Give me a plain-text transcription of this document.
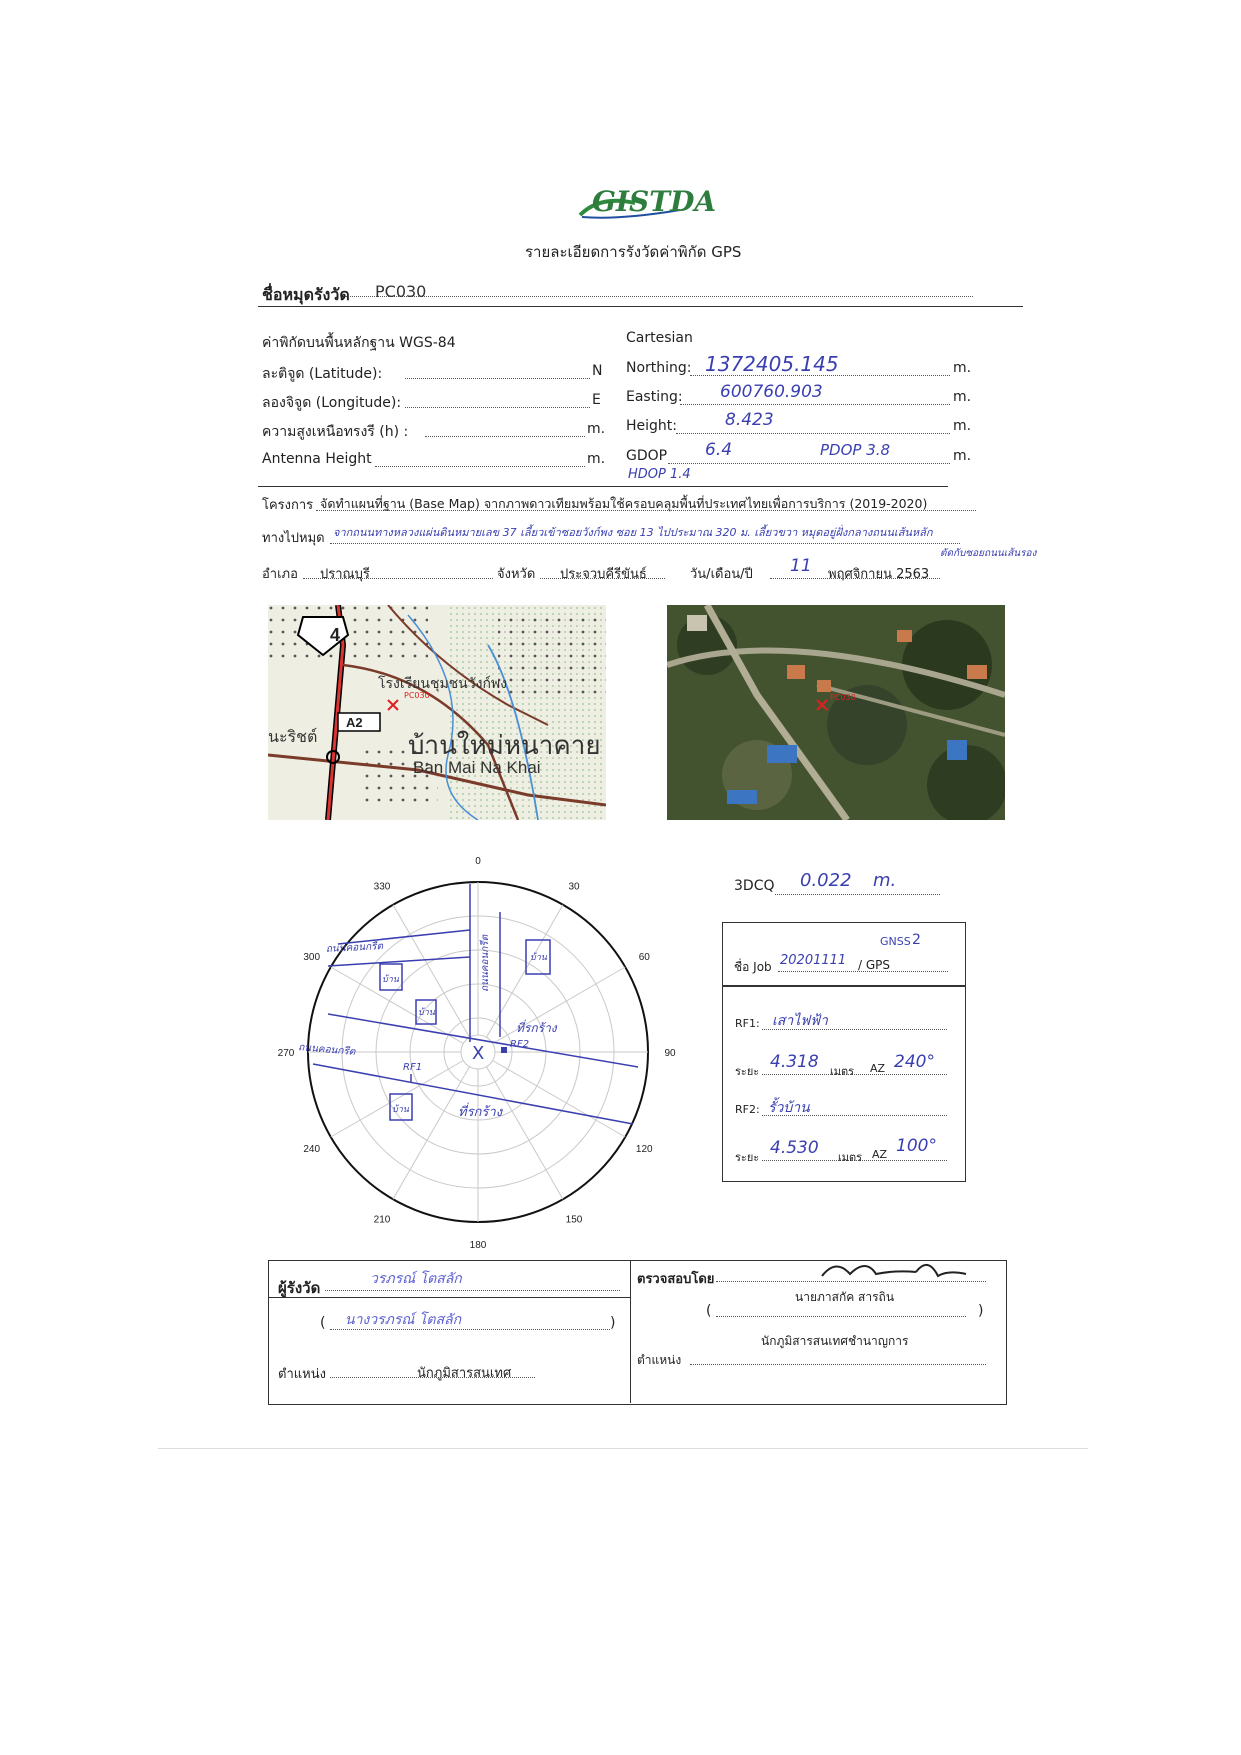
GISTDA
รายละเอียดการรังวัดค่าพิกัด GPS
ชื่อหมุดรังวัด PC030
ค่าพิกัดบนพื้นหลักฐาน WGS-84
ละติจูด (Latitude):	N
ลองจิจูด (Longitude):	E
ความสูงเหนือทรงรี (h) :	m.
Antenna Height	m.
Cartesian
Northing: 1372405.145	m.
Easting: 600760.903	m.
Height:	8.423	m.
GDOP 6.4	PDOP 3.8	m.
HDOP 1.4
โครงการ จัดทำแผนที่ฐาน (Base Map) จากภาพดาวเทียมพร้อมใช้ครอบคลุมพื้นที่ประเทศไทยเพื่อการบริการ (2019-2020)
ทางไปหมุด จากถนนทางหลวงแผ่นดินหมายเลข 37 เลี้ยวเข้าซอยวังก์พง ซอย 13 ไปประมาณ 320 ม. เลี้ยวขวา หมุดอยู่ฝั่งกลางถนนเส้นหลัก
ตัดกับซอยถนนเส้นรอง
อำเภอ ปราณบุรี	จังหวัด ประจวบคีรีขันธ์	วัน/เดือน/ปี 11 พฤศจิกายน 2563
4
A2
โรงเรียนชุมชนวังก์พง
PC030
บ้านใหม่หนาคาย
Ban Mai Na Khai
นะริชต์
PC030
0
30
60
90
120
150
180
210
240
270
300
330
ถนนคอนกรีต	ถนนคอนกรีต
ถนนคอนกรีต
บ้าน
บ้าน
บ้าน
บ้าน
ที่รกร้าง
ที่รกร้าง
RF1
RF2
X
3DCQ 0.022 m.
GNSS 2
ชื่อ Job 20201111 / GPS
RF1: เสาไฟฟ้า
ระยะ 4.318 เมตร AZ 240°
RF2: รั้วบ้าน
ระยะ 4.530 เมตร AZ 100°
ผู้รังวัด	วรภรณ์ โตสลัก
( นางวรภรณ์ โตสลัก	)
ตำแหน่ง	นักภูมิสารสนเทศ
ตรวจสอบโดย
นายภาสกัค สารถิน
(	)
นักภูมิสารสนเทศชำนาญการ
ตำแหน่ง
